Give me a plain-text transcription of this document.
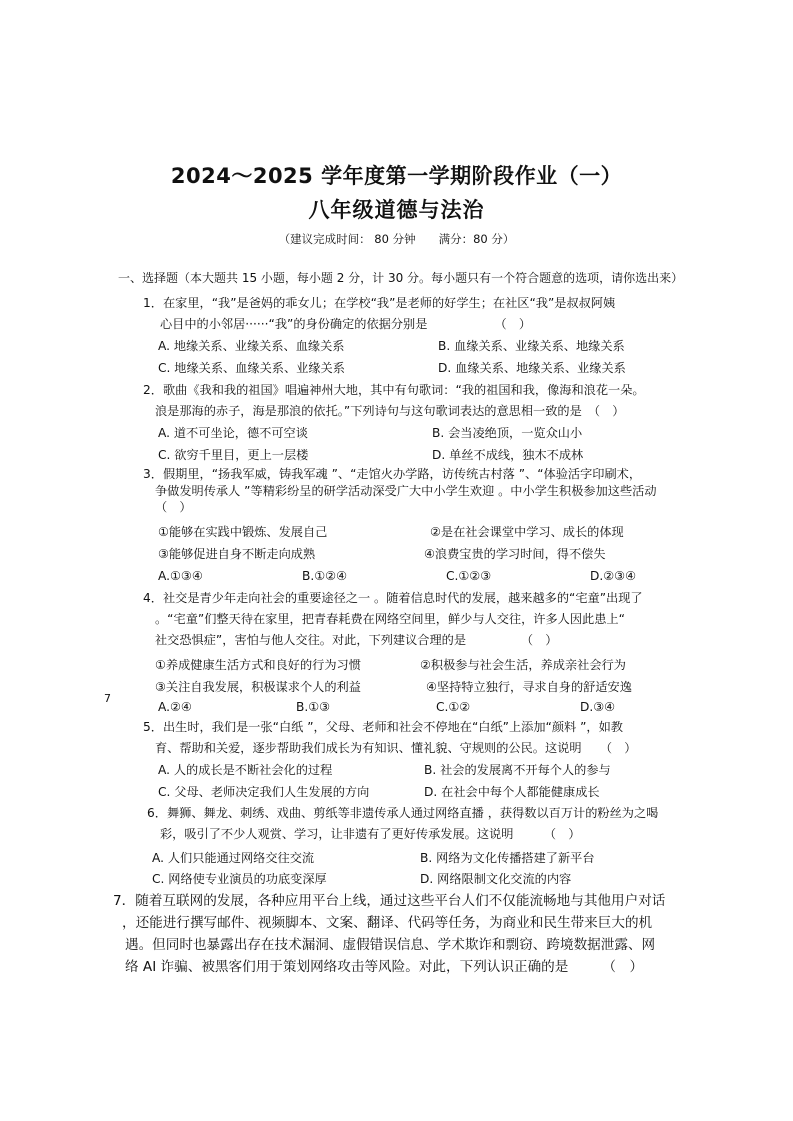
2024～2025 学年度第一学期阶段作业（一）
八年级道德与法治
（建议完成时间： 80 分钟　　满分：80 分）
一、选择题（本大题共 15 小题，每小题 2 分，计 30 分。每小题只有一个符合题意的选项，请你选出来）
1．在家里，“我”是爸妈的乖女儿；在学校“我”是老师的好学生；在社区“我”是叔叔阿姨
心目中的小邻居······“我”的身份确定的依据分别是　　　　　　（　）
A. 地缘关系、业缘关系、血缘关系	B. 血缘关系、业缘关系、地缘关系
C. 地缘关系、血缘关系、业缘关系	D. 血缘关系、地缘关系、业缘关系
2．歌曲《我和我的祖国》唱遍神州大地，其中有句歌词：“我的祖国和我，像海和浪花一朵。
浪是那海的赤子，海是那浪的依托。”下列诗句与这句歌词表达的意思相一致的是　（　）
A. 道不可坐论，德不可空谈	B. 会当凌绝顶，一览众山小
C. 欲穷千里目，更上一层楼	D. 单丝不成线，独木不成林
3．假期里，“扬我军威，铸我军魂 ”、“走馆火办学路，访传统古村落 ”、“体验活字印刷术，
争做发明传承人 ”等精彩纷呈的研学活动深受广大中小学生欢迎 。中小学生积极参加这些活动
（　）
①能够在实践中锻炼、发展自己	②是在社会课堂中学习、成长的体现
③能够促进自身不断走向成熟	④浪费宝贵的学习时间，得不偿失
A.①③④	B.①②④	C.①②③	D.②③④
4．社交是青少年走向社会的重要途径之一 。随着信息时代的发展，越来越多的“宅童”出现了
。“宅童”们整天待在家里，把青春耗费在网络空间里，鲜少与人交往，许多人因此患上“
社交恐惧症”，害怕与他人交往。对此，下列建议合理的是　　　　　（　）
①养成健康生活方式和良好的行为习惯	②积极参与社会生活，养成亲社会行为
③关注自我发展，积极谋求个人的利益	④坚持特立独行，寻求自身的舒适安逸
A.②④	B.①③	C.①②	D.③④
7
5．出生时，我们是一张“白纸 ”，父母、老师和社会不停地在“白纸”上添加“颜料 ”，如教
育、帮助和关爱，逐步帮助我们成长为有知识、懂礼貌、守规则的公民。这说明　　（　）
A. 人的成长是不断社会化的过程	B. 社会的发展离不开每个人的参与
C. 父母、老师决定我们人生发展的方向	D. 在社会中每个人都能健康成长
6．舞狮、舞龙、刺绣、戏曲、剪纸等非遗传承人通过网络直播 ，获得数以百万计的粉丝为之喝
彩，吸引了不少人观赏、学习，让非遗有了更好传承发展。这说明　　　（　）
A. 人们只能通过网络交往交流	B. 网络为文化传播搭建了新平台
C. 网络使专业演员的功底变深厚	D. 网络限制文化交流的内容
7．随着互联网的发展，各种应用平台上线，通过这些平台人们不仅能流畅地与其他用户对话
，还能进行撰写邮件、视频脚本、文案、翻译、代码等任务，为商业和民生带来巨大的机
遇。但同时也暴露出存在技术漏洞、虚假错误信息、学术欺诈和剽窃、跨境数据泄露、网
络 AI 诈骗、被黑客们用于策划网络攻击等风险。对此，下列认识正确的是　　　（　）
